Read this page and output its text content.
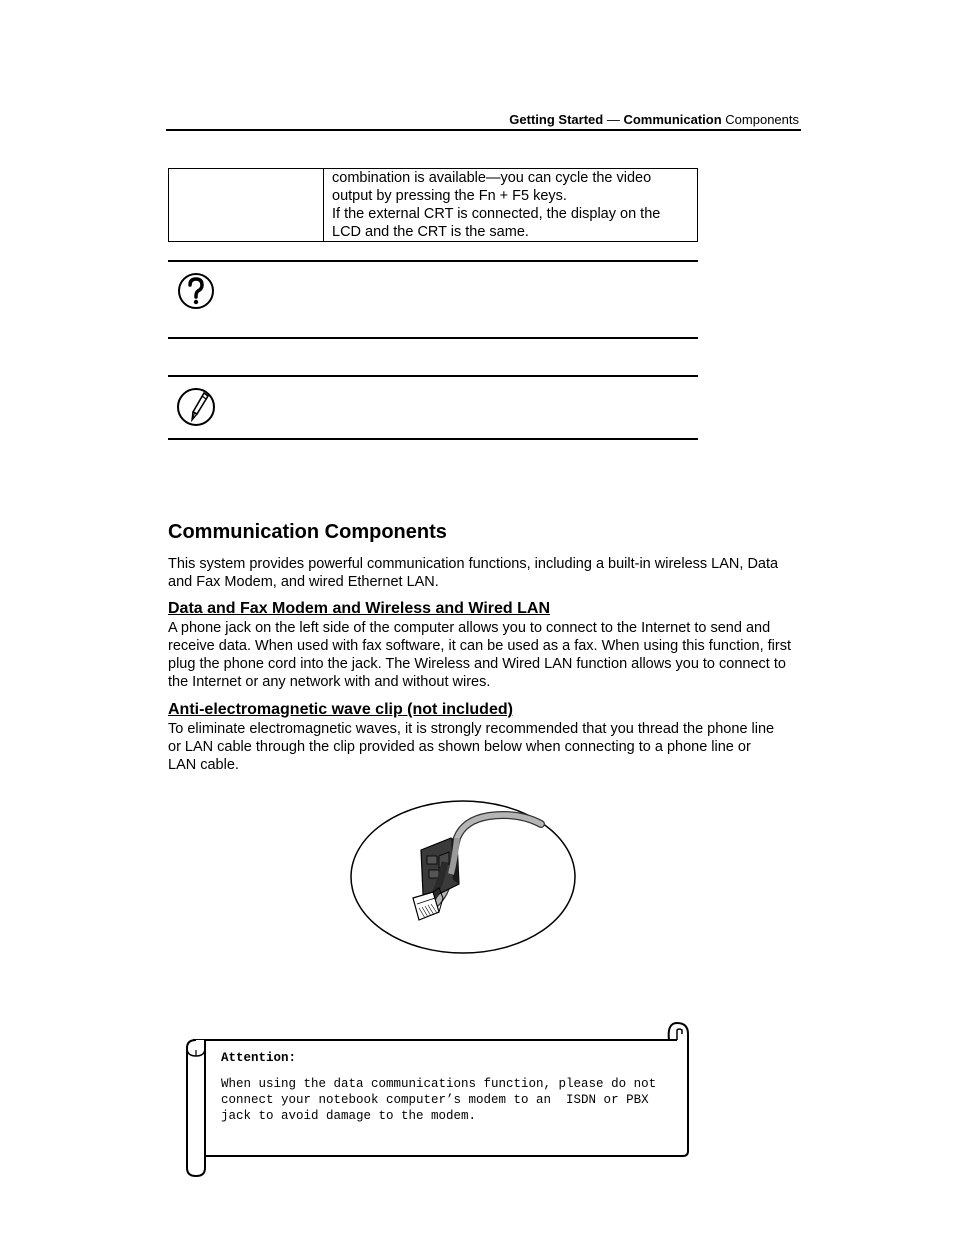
Getting Started — Communication Components

combination is available—you can cycle the video output by pressing the Fn + F5 keys.

If the external CRT is connected, the display on the LCD and the CRT is the same.

Communication Components

This system provides powerful communication functions, including a built-in wireless LAN, Data and Fax Modem, and wired Ethernet LAN.

Data and Fax Modem and Wireless and Wired LAN

A phone jack on the left side of the computer allows you to connect to the Internet to send and receive data. When used with fax software, it can be used as a fax. When using this function, first plug the phone cord into the jack. The Wireless and Wired LAN function allows you to connect to the Internet or any network with and without wires.

Anti-electromagnetic wave clip (not included)

To eliminate electromagnetic waves, it is strongly recommended that you thread the phone line or LAN cable through the clip provided as shown below when connecting to a phone line or LAN cable.

Attention:

When using the data communications function, please do not connect your notebook computer’s modem to an  ISDN or PBX jack to avoid damage to the modem.
